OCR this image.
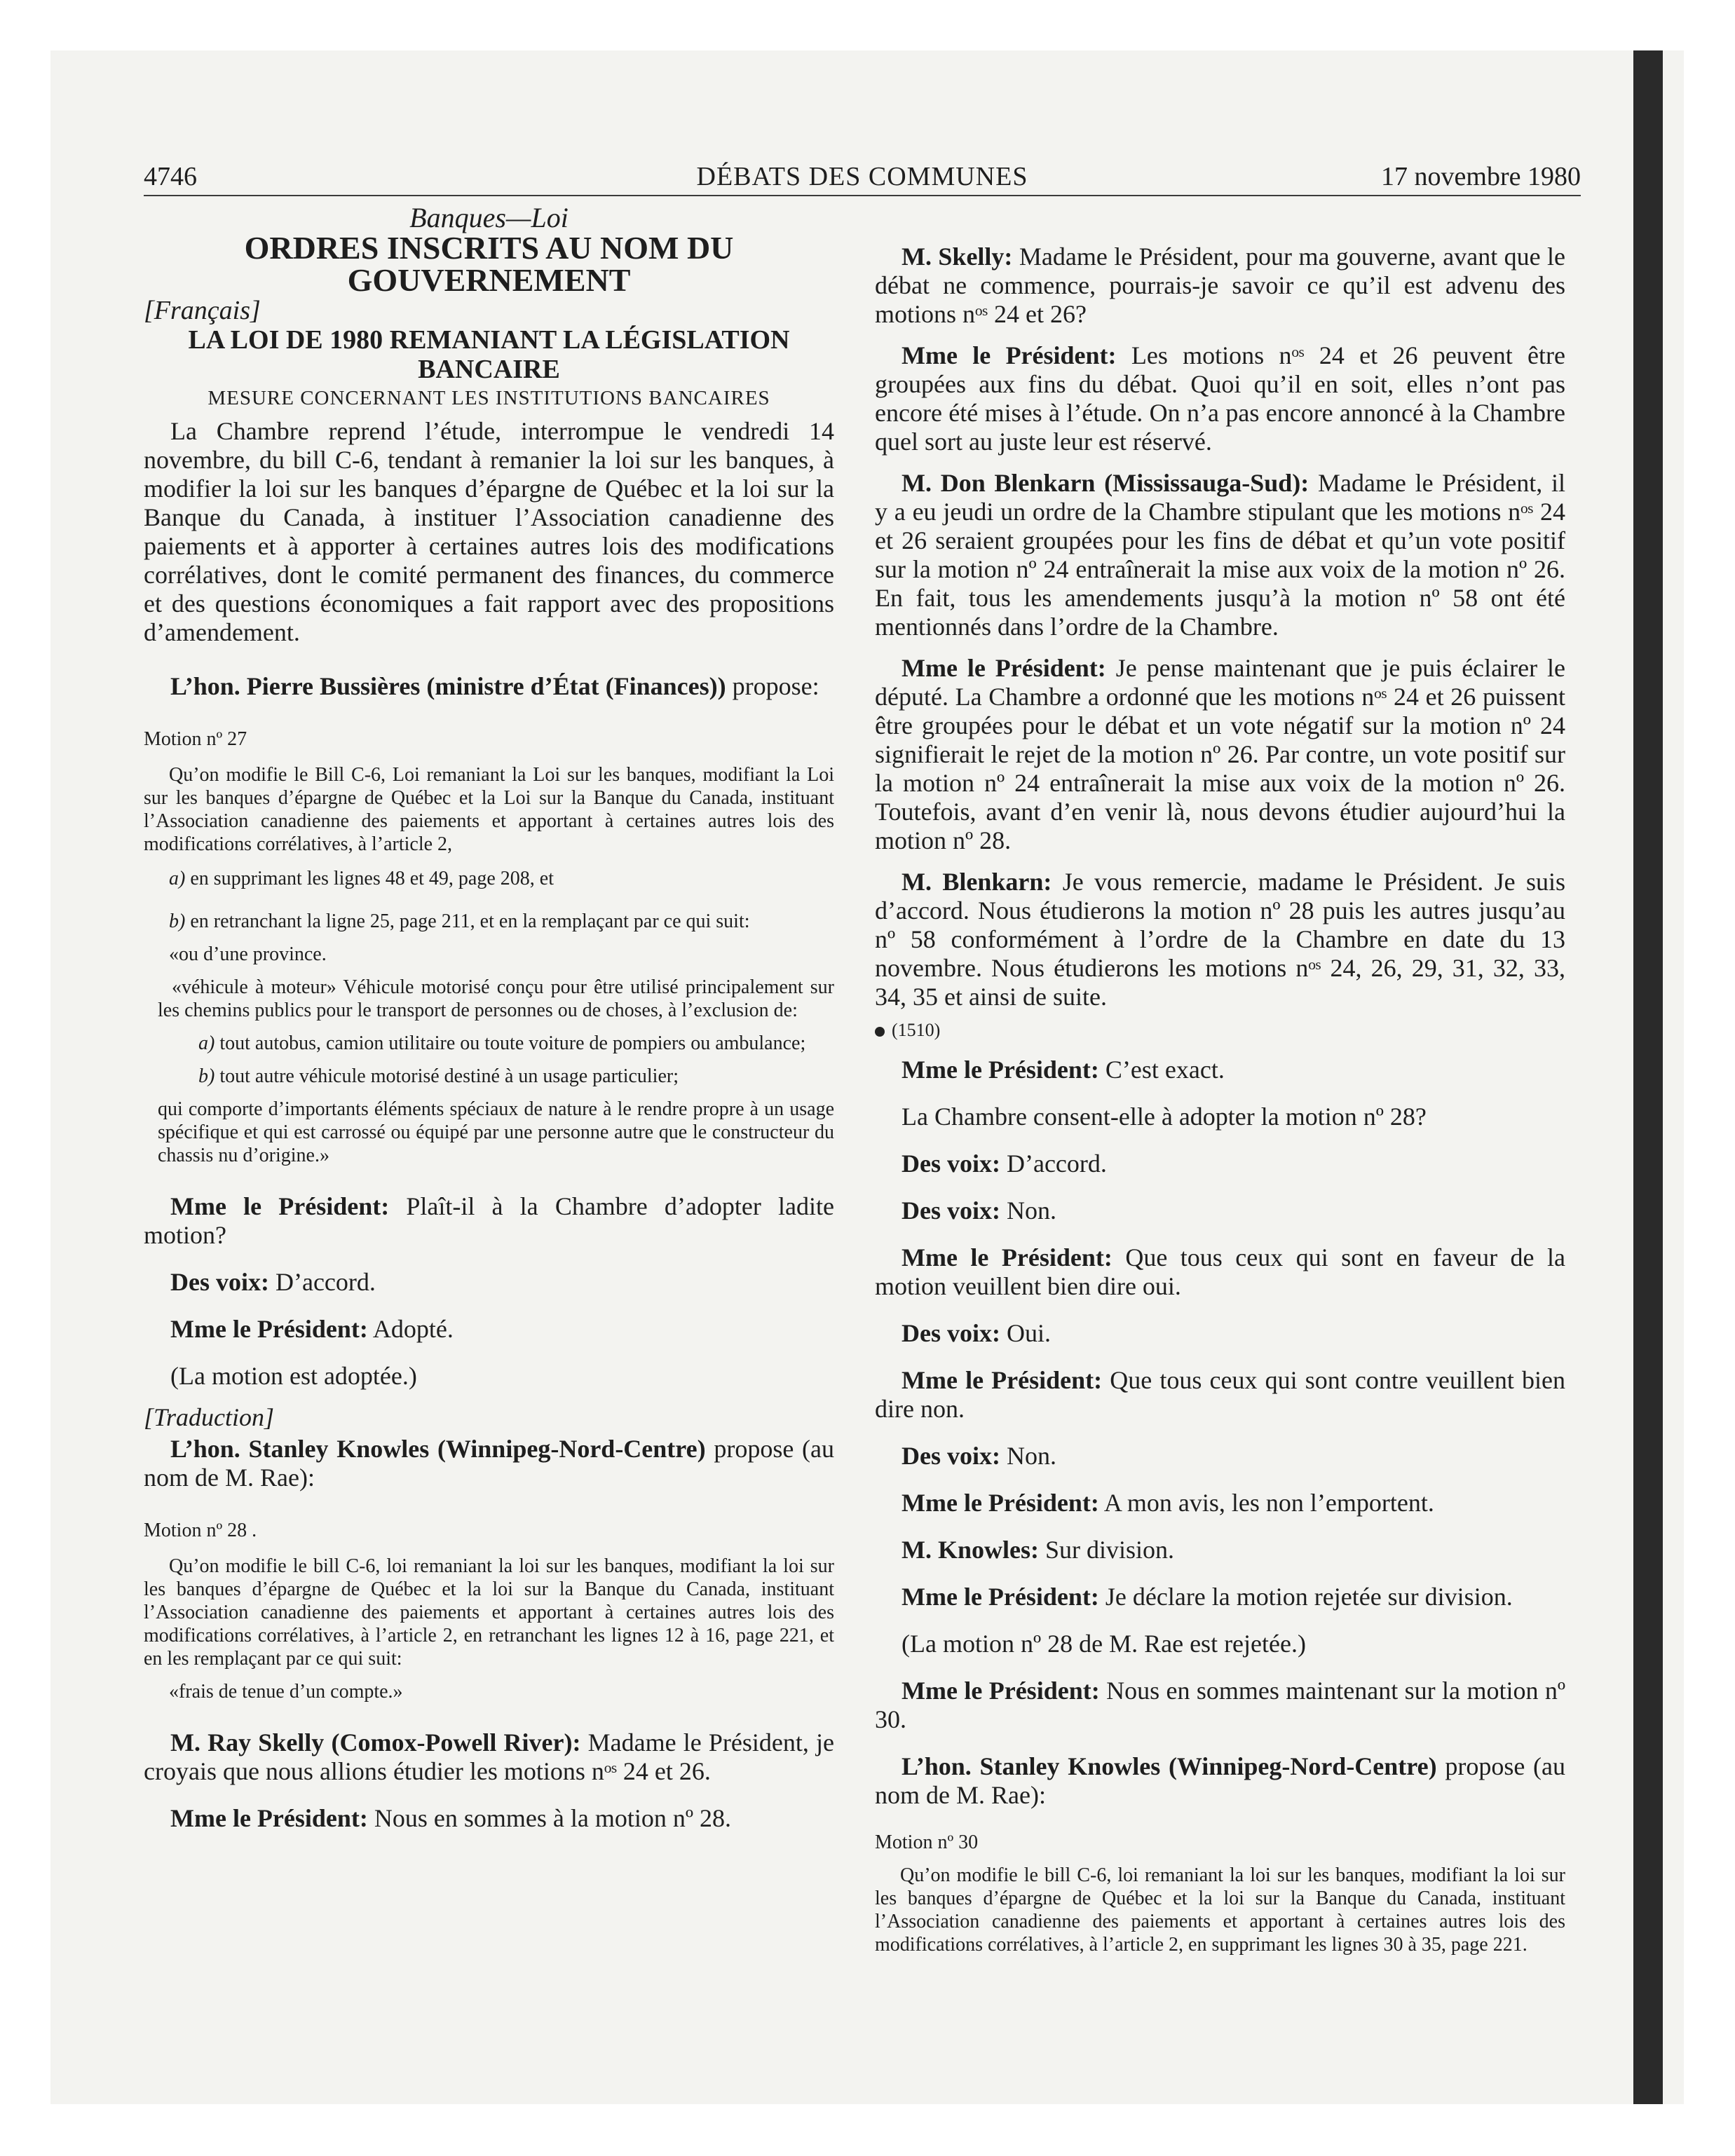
4746	DÉBATS DES COMMUNES	17 novembre 1980

Banques—Loi

ORDRES INSCRITS AU NOM DU GOUVERNEMENT

[Français]

LA LOI DE 1980 REMANIANT LA LÉGISLATION BANCAIRE

MESURE CONCERNANT LES INSTITUTIONS BANCAIRES

La Chambre reprend l’étude, interrompue le vendredi 14 novembre, du bill C-6, tendant à remanier la loi sur les banques, à modifier la loi sur les banques d’épargne de Québec et la loi sur la Banque du Canada, à instituer l’Association canadienne des paiements et à apporter à certaines autres lois des modifications corrélatives, dont le comité permanent des finances, du commerce et des questions économiques a fait rapport avec des propositions d’amendement.

L’hon. Pierre Bussières (ministre d’État (Finances)) propose:

Motion nº 27

Qu’on modifie le Bill C-6, Loi remaniant la Loi sur les banques, modifiant la Loi sur les banques d’épargne de Québec et la Loi sur la Banque du Canada, instituant l’Association canadienne des paiements et apportant à certaines autres lois des modifications corrélatives, à l’article 2,

a) en supprimant les lignes 48 et 49, page 208, et

b) en retranchant la ligne 25, page 211, et en la remplaçant par ce qui suit:

«ou d’une province.

«véhicule à moteur» Véhicule motorisé conçu pour être utilisé principalement sur les chemins publics pour le transport de personnes ou de choses, à l’exclusion de:

a) tout autobus, camion utilitaire ou toute voiture de pompiers ou ambulance;

b) tout autre véhicule motorisé destiné à un usage particulier;

qui comporte d’importants éléments spéciaux de nature à le rendre propre à un usage spécifique et qui est carrossé ou équipé par une personne autre que le constructeur du chassis nu d’origine.»

Mme le Président: Plaît-il à la Chambre d’adopter ladite motion?

Des voix: D’accord.

Mme le Président: Adopté.

(La motion est adoptée.)

[Traduction]

L’hon. Stanley Knowles (Winnipeg-Nord-Centre) propose (au nom de M. Rae):

Motion nº 28 .

Qu’on modifie le bill C-6, loi remaniant la loi sur les banques, modifiant la loi sur les banques d’épargne de Québec et la loi sur la Banque du Canada, instituant l’Association canadienne des paiements et apportant à certaines autres lois des modifications corrélatives, à l’article 2, en retranchant les lignes 12 à 16, page 221, et en les remplaçant par ce qui suit:

«frais de tenue d’un compte.»

M. Ray Skelly (Comox-Powell River): Madame le Président, je croyais que nous allions étudier les motions nᵒˢ 24 et 26.

Mme le Président: Nous en sommes à la motion nº 28.

M. Skelly: Madame le Président, pour ma gouverne, avant que le débat ne commence, pourrais-je savoir ce qu’il est advenu des motions nᵒˢ 24 et 26?

Mme le Président: Les motions nᵒˢ 24 et 26 peuvent être groupées aux fins du débat. Quoi qu’il en soit, elles n’ont pas encore été mises à l’étude. On n’a pas encore annoncé à la Chambre quel sort au juste leur est réservé.

M. Don Blenkarn (Mississauga-Sud): Madame le Président, il y a eu jeudi un ordre de la Chambre stipulant que les motions nᵒˢ 24 et 26 seraient groupées pour les fins de débat et qu’un vote positif sur la motion nº 24 entraînerait la mise aux voix de la motion nº 26. En fait, tous les amendements jusqu’à la motion nº 58 ont été mentionnés dans l’ordre de la Chambre.

Mme le Président: Je pense maintenant que je puis éclairer le député. La Chambre a ordonné que les motions nᵒˢ 24 et 26 puissent être groupées pour le débat et un vote négatif sur la motion nº 24 signifierait le rejet de la motion nº 26. Par contre, un vote positif sur la motion nº 24 entraînerait la mise aux voix de la motion nº 26. Toutefois, avant d’en venir là, nous devons étudier aujourd’hui la motion nº 28.

M. Blenkarn: Je vous remercie, madame le Président. Je suis d’accord. Nous étudierons la motion nº 28 puis les autres jusqu’au nº 58 conformément à l’ordre de la Chambre en date du 13 novembre. Nous étudierons les motions nᵒˢ 24, 26, 29, 31, 32, 33, 34, 35 et ainsi de suite.

(1510)

Mme le Président: C’est exact.

La Chambre consent-elle à adopter la motion nº 28?

Des voix: D’accord.

Des voix: Non.

Mme le Président: Que tous ceux qui sont en faveur de la motion veuillent bien dire oui.

Des voix: Oui.

Mme le Président: Que tous ceux qui sont contre veuillent bien dire non.

Des voix: Non.

Mme le Président: A mon avis, les non l’emportent.

M. Knowles: Sur division.

Mme le Président: Je déclare la motion rejetée sur division.

(La motion nº 28 de M. Rae est rejetée.)

Mme le Président: Nous en sommes maintenant sur la motion nº 30.

L’hon. Stanley Knowles (Winnipeg-Nord-Centre) propose (au nom de M. Rae):

Motion nº 30

Qu’on modifie le bill C-6, loi remaniant la loi sur les banques, modifiant la loi sur les banques d’épargne de Québec et la loi sur la Banque du Canada, instituant l’Association canadienne des paiements et apportant à certaines autres lois des modifications corrélatives, à l’article 2, en supprimant les lignes 30 à 35, page 221.
